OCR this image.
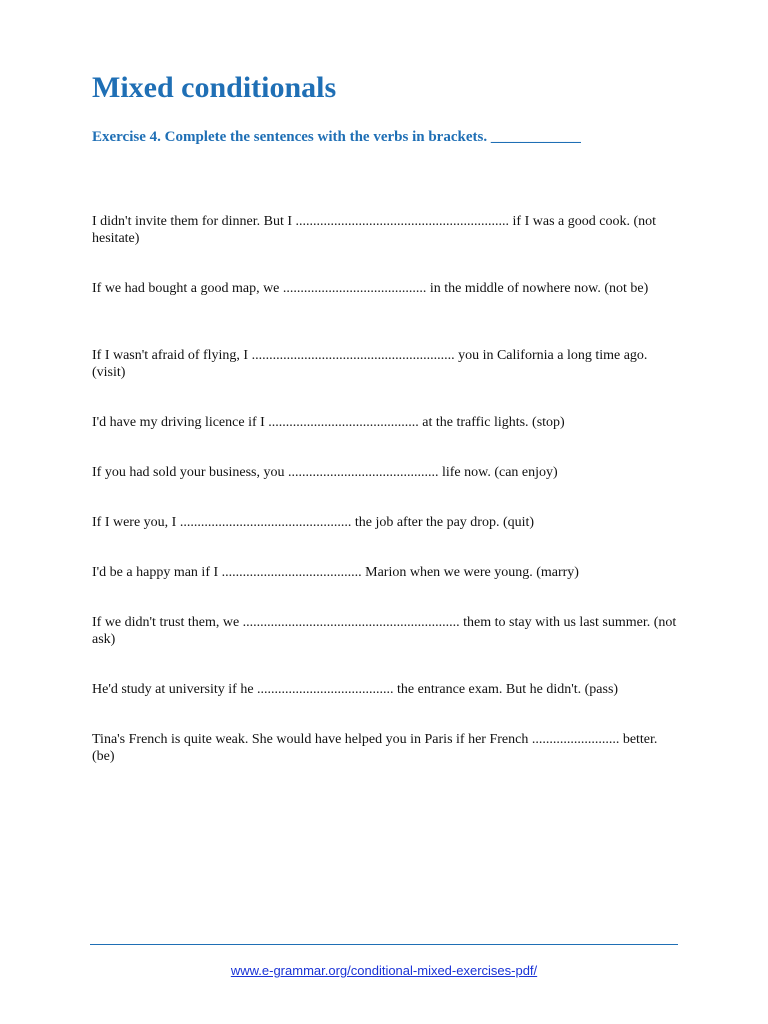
Mixed conditionals
Exercise 4. Complete the sentences with the verbs in brackets. ____________
I didn't invite them for dinner. But I ............................................................. if I was a good cook. (not hesitate)
If we had bought a good map, we ......................................... in the middle of nowhere now. (not be)
If I wasn't afraid of flying, I .......................................................... you in California a long time ago. (visit)
I'd have my driving licence if I ........................................... at the traffic lights. (stop)
If you had sold your business, you ........................................... life now. (can enjoy)
If I were you, I ................................................. the job after the pay drop. (quit)
I'd be a happy man if I ........................................ Marion when we were young. (marry)
If we didn't trust them, we .............................................................. them to stay with us last summer. (not ask)
He'd study at university if he ....................................... the entrance exam. But he didn't. (pass)
Tina's French is quite weak. She would have helped you in Paris if her French ......................... better. (be)
www.e-grammar.org/conditional-mixed-exercises-pdf/
